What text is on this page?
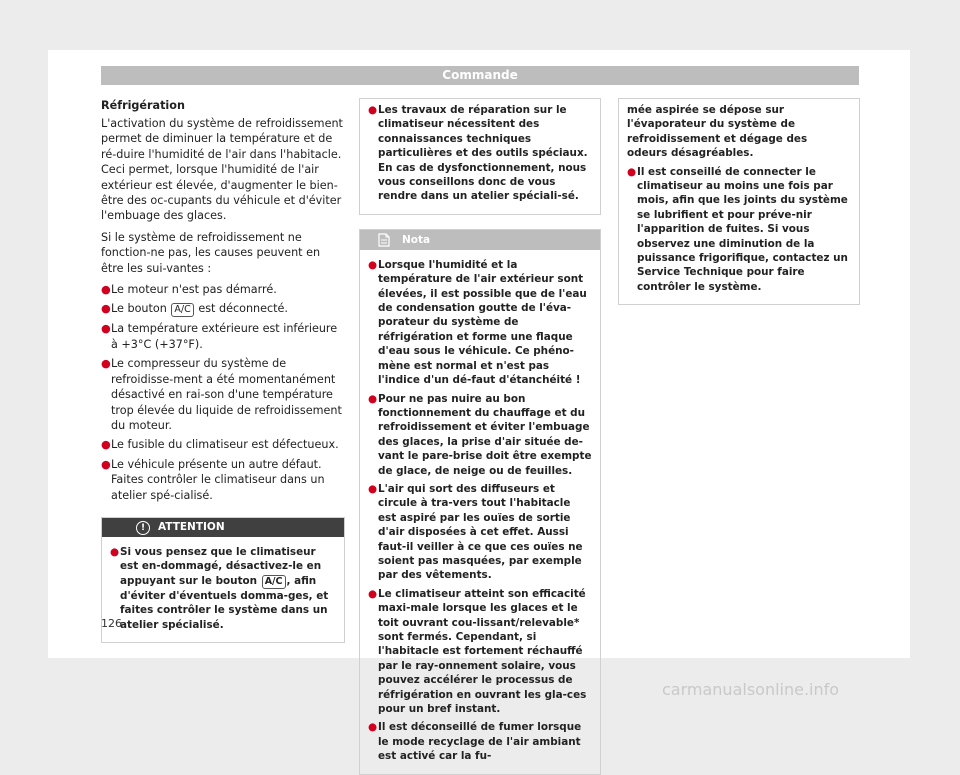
Commande
Réfrigération
L'activation du système de refroidissement permet de diminuer la température et de ré-duire l'humidité de l'air dans l'habitacle. Ceci permet, lorsque l'humidité de l'air extérieur est élevée, d'augmenter le bien-être des oc-cupants du véhicule et d'éviter l'embuage des glaces.
Si le système de refroidissement ne fonction-ne pas, les causes peuvent en être les sui-vantes :
● Le moteur n'est pas démarré.
● Le bouton A/C est déconnecté.
● La température extérieure est inférieure à +3°C (+37°F).
● Le compresseur du système de refroidisse-ment a été momentanément désactivé en rai-son d'une température trop élevée du liquide de refroidissement du moteur.
● Le fusible du climatiseur est défectueux.
● Le véhicule présente un autre défaut. Faites contrôler le climatiseur dans un atelier spé-cialisé.
!	ATTENTION
● Si vous pensez que le climatiseur est en-dommagé, désactivez-le en appuyant sur le bouton A/C , afin d'éviter d'éventuels domma-ges, et faites contrôler le système dans un atelier spécialisé.
● Les travaux de réparation sur le climatiseur nécessitent des connaissances techniques particulières et des outils spéciaux. En cas de dysfonctionnement, nous vous conseillons donc de vous rendre dans un atelier spéciali-sé.
Nota
● Lorsque l'humidité et la température de l'air extérieur sont élevées, il est possible que de l'eau de condensation goutte de l'éva-porateur du système de réfrigération et forme une flaque d'eau sous le véhicule. Ce phéno-mène est normal et n'est pas l'indice d'un dé-faut d'étanchéité !
● Pour ne pas nuire au bon fonctionnement du chauffage et du refroidissement et éviter l'embuage des glaces, la prise d'air située de-vant le pare-brise doit être exempte de glace, de neige ou de feuilles.
● L'air qui sort des diffuseurs et circule à tra-vers tout l'habitacle est aspiré par les ouïes de sortie d'air disposées à cet effet. Aussi faut-il veiller à ce que ces ouïes ne soient pas masquées, par exemple par des vêtements.
● Le climatiseur atteint son efficacité maxi-male lorsque les glaces et le toit ouvrant cou-lissant/relevable* sont fermés. Cependant, si l'habitacle est fortement réchauffé par le ray-onnement solaire, vous pouvez accélérer le processus de réfrigération en ouvrant les gla-ces pour un bref instant.
● Il est déconseillé de fumer lorsque le mode recyclage de l'air ambiant est activé car la fu-
mée aspirée se dépose sur l'évaporateur du système de refroidissement et dégage des odeurs désagréables.
● Il est conseillé de connecter le climatiseur au moins une fois par mois, afin que les joints du système se lubrifient et pour préve-nir l'apparition de fuites. Si vous observez une diminution de la puissance frigorifique, contactez un Service Technique pour faire contrôler le système.
126
carmanualsonline.info
